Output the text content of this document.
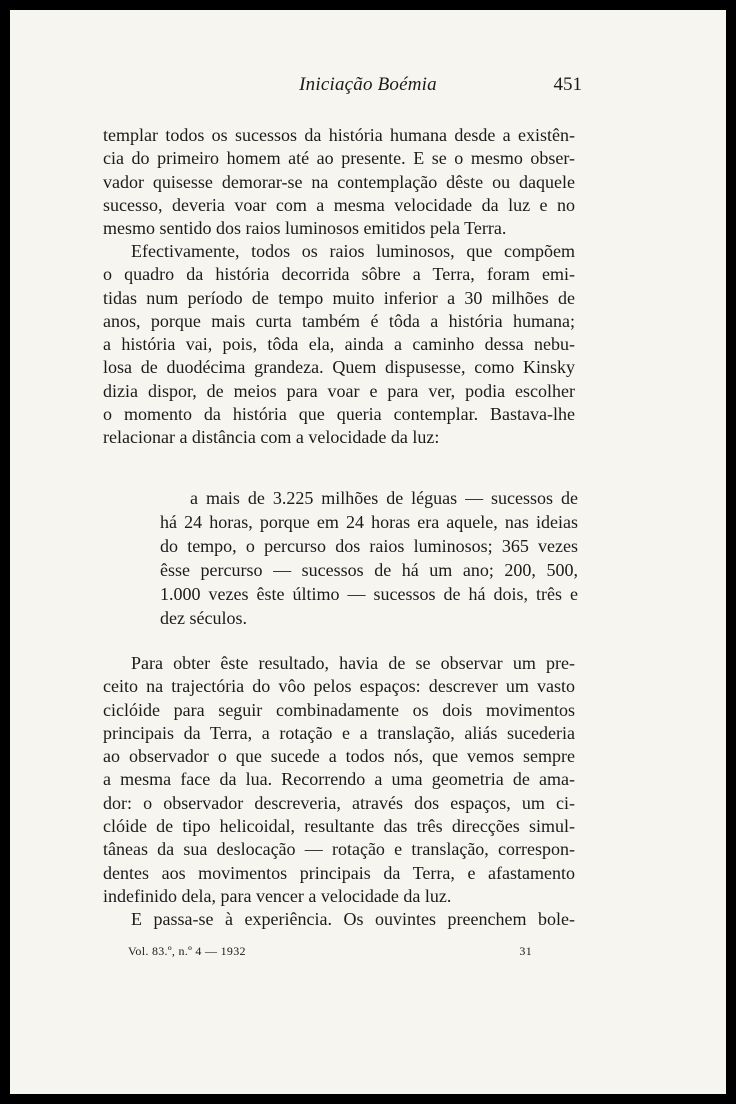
Iniciação Boémia	451
templar todos os sucessos da história humana desde a existên-
cia do primeiro homem até ao presente. E se o mesmo obser-
vador quisesse demorar-se na contemplação dêste ou daquele
sucesso, deveria voar com a mesma velocidade da luz e no
mesmo sentido dos raios luminosos emitidos pela Terra.
Efectivamente, todos os raios luminosos, que compõem
o quadro da história decorrida sôbre a Terra, foram emi-
tidas num período de tempo muito inferior a 30 milhões de
anos, porque mais curta também é tôda a história humana;
a história vai, pois, tôda ela, ainda a caminho dessa nebu-
losa de duodécima grandeza. Quem dispusesse, como Kinsky
dizia dispor, de meios para voar e para ver, podia escolher
o momento da história que queria contemplar. Bastava-lhe
relacionar a distância com a velocidade da luz:
a mais de 3.225 milhões de léguas — sucessos de
há 24 horas, porque em 24 horas era aquele, nas ideias
do tempo, o percurso dos raios luminosos; 365 vezes
êsse percurso — sucessos de há um ano; 200, 500,
1.000 vezes êste último — sucessos de há dois, três e
dez séculos.
Para obter êste resultado, havia de se observar um pre-
ceito na trajectória do vôo pelos espaços: descrever um vasto
ciclóide para seguir combinadamente os dois movimentos
principais da Terra, a rotação e a translação, aliás sucederia
ao observador o que sucede a todos nós, que vemos sempre
a mesma face da lua. Recorrendo a uma geometria de ama-
dor: o observador descreveria, através dos espaços, um ci-
clóide de tipo helicoidal, resultante das três direcções simul-
tâneas da sua deslocação — rotação e translação, correspon-
dentes aos movimentos principais da Terra, e afastamento
indefinido dela, para vencer a velocidade da luz.
E passa-se à experiência. Os ouvintes preenchem bole-
Vol. 83.º, n.º 4 — 1932	31
